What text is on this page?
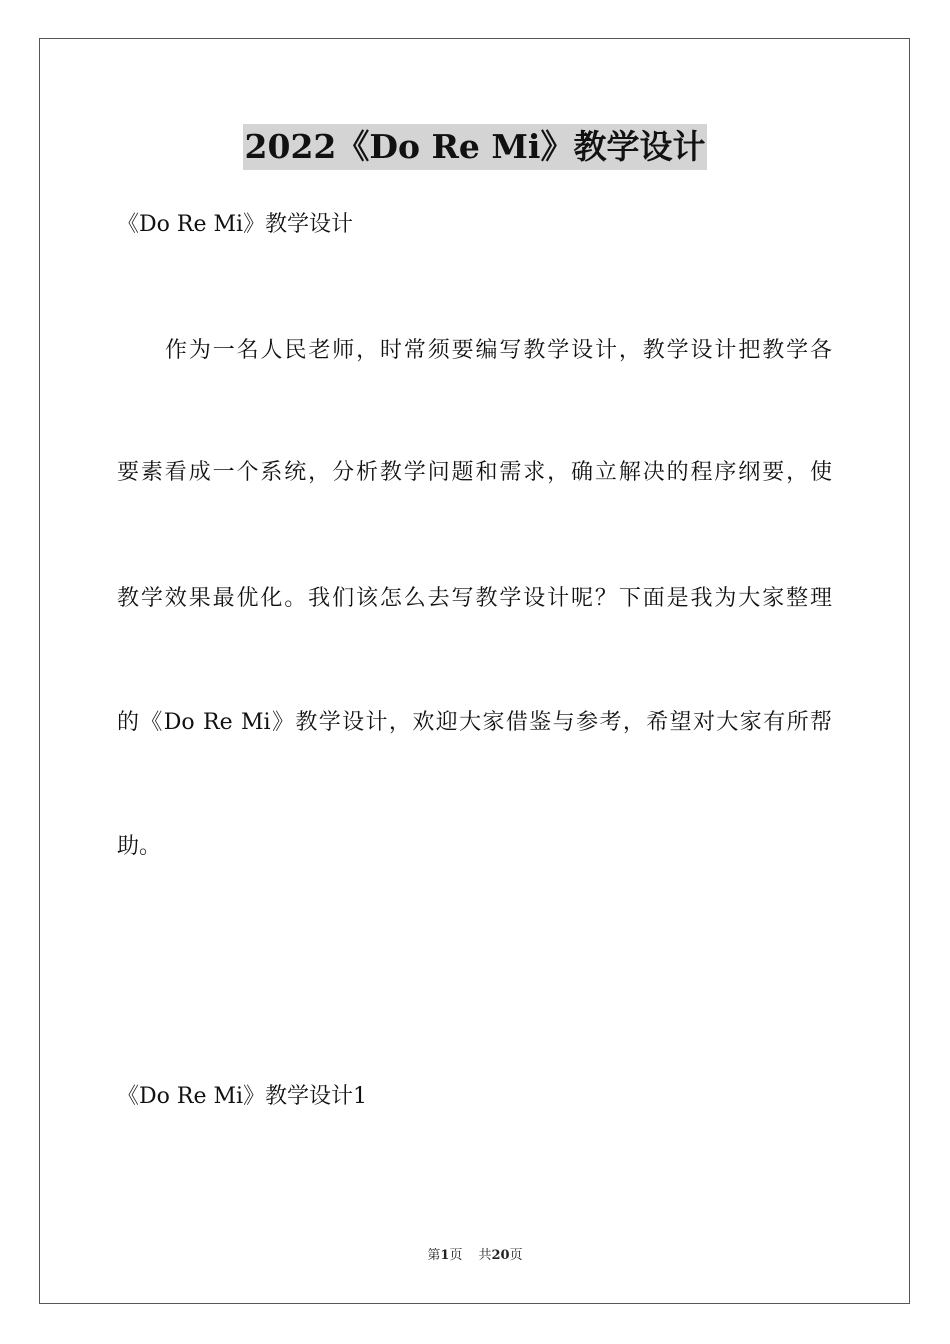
2022《Do Re Mi》教学设计
《Do Re Mi》教学设计
作为一名人民老师，时常须要编写教学设计，教学设计把教学各
要素看成一个系统，分析教学问题和需求，确立解决的程序纲要，使
教学效果最优化。我们该怎么去写教学设计呢？下面是我为大家整理
的《Do Re Mi》教学设计，欢迎大家借鉴与参考，希望对大家有所帮
助。
《Do Re Mi》教学设计1
第1页 共20页
